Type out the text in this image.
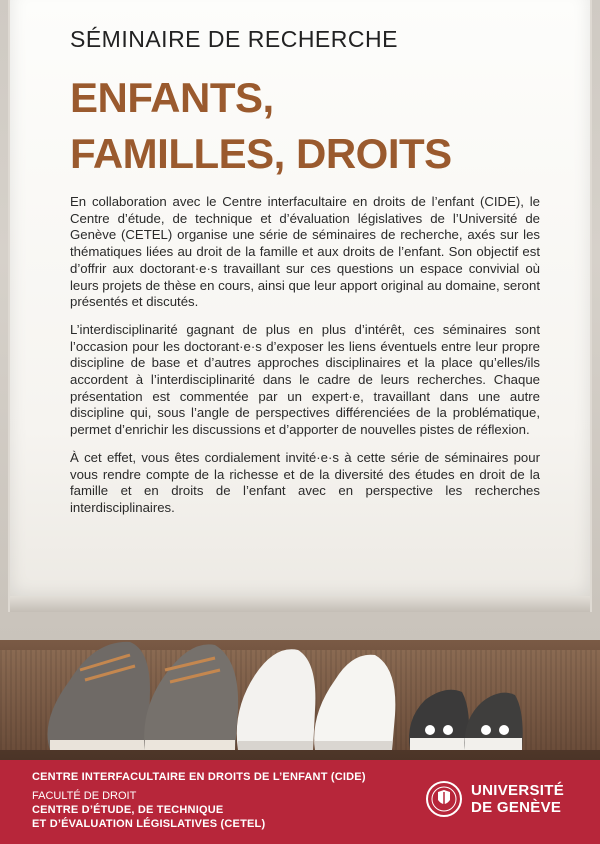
SÉMINAIRE DE RECHERCHE
ENFANTS,
FAMILLES, DROITS

En collaboration avec le Centre interfacultaire en droits de l’enfant (CIDE), le Centre d’étude, de technique et d’évaluation législatives de l’Université de Genève (CETEL) organise une série de séminaires de recherche, axés sur les thématiques liées au droit de la famille et aux droits de l’enfant. Son objectif est d’offrir aux doctorant·e·s travaillant sur ces questions un espace convivial où leurs projets de thèse en cours, ainsi que leur apport original au domaine, seront présentés et discutés.

L’interdisciplinarité gagnant de plus en plus d’intérêt, ces séminaires sont l’occasion pour les doctorant·e·s d’exposer les liens éventuels entre leur propre discipline de base et d’autres approches disciplinaires et la place qu’elles/ils accordent à l’interdisciplinarité dans le cadre de leurs recherches. Chaque présentation est commentée par un expert·e, travaillant dans une autre discipline qui, sous l’angle de perspectives différenciées de la problématique, permet d’enrichir les discussions et d’apporter de nouvelles pistes de réflexion.

À cet effet, vous êtes cordialement invité·e·s à cette série de séminaires pour vous rendre compte de la richesse et de la diversité des études en droit de la famille et en droits de l’enfant avec en perspective les recherches interdisciplinaires.

CENTRE INTERFACULTAIRE EN DROITS DE L’ENFANT (CIDE)
FACULTÉ DE DROIT
CENTRE D’ÉTUDE, DE TECHNIQUE
ET D’ÉVALUATION LÉGISLATIVES (CETEL)
UNIVERSITÉ
DE GENÈVE
